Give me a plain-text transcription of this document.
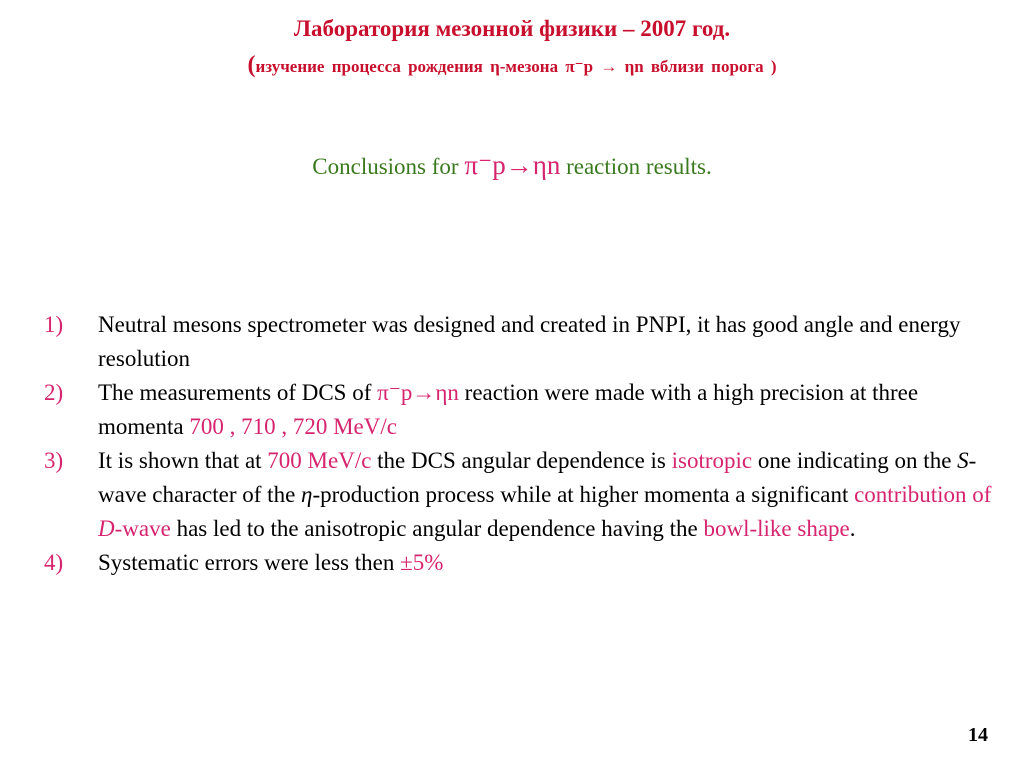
Лаборатория мезонной физики – 2007 год.
(изучение процесса рождения η-мезона π⁻p → ηn вблизи порога )
Conclusions for π⁻p→ηn reaction results.
1)	Neutral mesons spectrometer was designed and created in PNPI, it has good angle and energy resolution
2)	The measurements of DCS of π⁻p→ηn reaction were made with a high precision at three momenta 700 , 710 , 720 MeV/c
3)	It is shown that at 700 MeV/c the DCS angular dependence is isotropic one indicating on the S-wave character of the η-production process while at higher momenta a significant contribution of D-wave has led to the anisotropic angular dependence having the bowl-like shape.
4)	Systematic errors were less then ±5%
14
